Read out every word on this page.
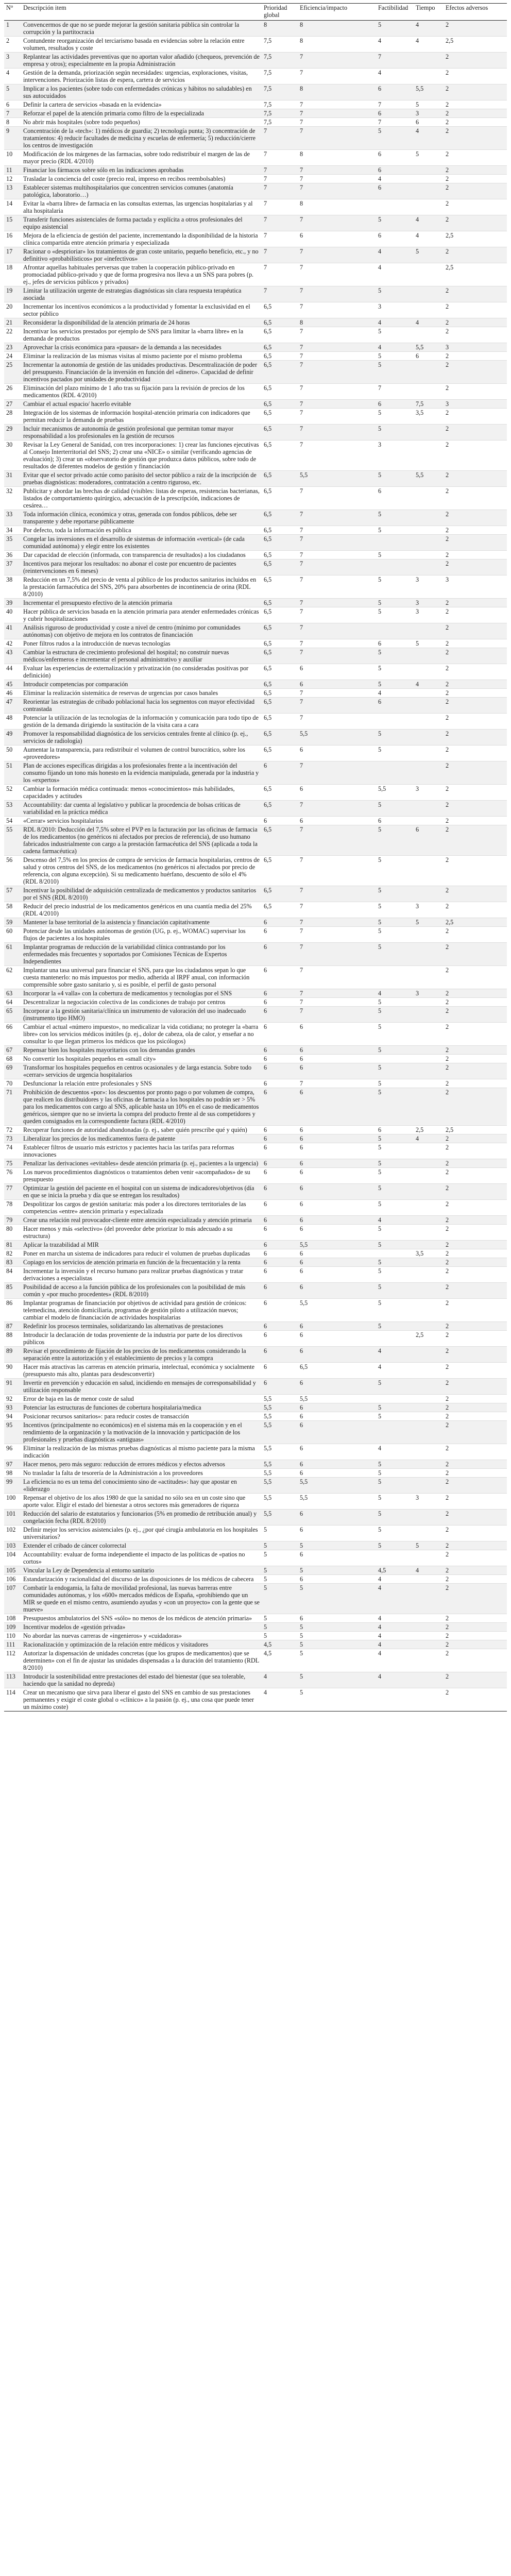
N°	Descripción item	Prioridad global	Eficiencia/impacto	Factibilidad	Tiempo	Efectos adversos
1	Convencermos de que no se puede mejorar la gestión sanitaria pública sin controlar la corrupción y la partitocracia	8	8	5	4	2
2	Contundente reorganización del terciarismo basada en evidencias sobre la relación entre volumen, resultados y coste	7,5	8	4	4	2,5
3	Replantear las actividades preventivas que no aportan valor añadido (chequeos, prevención de empresa y otros); especialmente en la propia Administración	7,5	7	7		2
4	Gestión de la demanda, priorización según necesidades: urgencias, exploraciones, visitas, intervenciones. Priorización listas de espera, cartera de servicios	7,5	7	4		2
5	Implicar a los pacientes (sobre todo con enfermedades crónicas y hábitos no saludables) en sus autocuidados	7,5	8	6	5,5	2
6	Definir la cartera de servicios «basada en la evidencia»	7,5	7	7	5	2
7	Reforzar el papel de la atención primaria como filtro de la especializada	7,5	7	6	3	2
8	No abrir más hospitales (sobre todo pequeños)	7,5	7	7	6	2
9	Concentración de la «tech»: 1) médicos de guardia; 2) tecnología punta; 3) concentración de tratamientos: 4) reducir facultades de medicina y escuelas de enfermería; 5) reducción/cierre los centros de investigación	7	7	5	4	2
10	Modificación de los márgenes de las farmacias, sobre todo redistribuir el margen de las de mayor precio (RDL 4/2010)	7	8	6	5	2
11	Financiar los fármacos sobre sólo en las indicaciones aprobadas	7	7	6		2
12	Trasladar la conciencia del coste (precio real, impreso en recibos reembolsables)	7	7	4		2
13	Establecer sistemas multihospitalarios que concentren servicios comunes (anatomía patológica, laboratorio…)	7	7	6		2
14	Evitar la «barra libre» de farmacia en las consultas externas, las urgencias hospitalarias y al alta hospitalaria	7	8			2
15	Transferir funciones asistenciales de forma pactada y explícita a otros profesionales del equipo asistencial	7	7	5	4	2
16	Mejora de la eficiencia de gestión del paciente, incrementando la disponibilidad de la historia clínica compartida entre atención primaria y especializada	7	6	6	4	2,5
17	Racionar o «desprioriar» los tratamientos de gran coste unitario, pequeño beneficio, etc., y no definitivo «probabilísticos» por «inefectivos»	7	7	4	5	2
18	Afrontar aquellas habituales perversas que traben la cooperación público-privado en promociadad público-privado y que de forma progresiva nos lleva a un SNS para pobres (p. ej., jefes de servicios públicos y privados)	7	7	4		2,5
19	Limitar la utilización urgente de estrategias diagnósticas sin clara respuesta terapéutica asociada	7	7	5		2
20	Incrementar los incentivos económicos a la productividad y fomentar la exclusividad en el sector público	6,5	7	3		2
21	Reconsiderar la disponibilidad de la atención primaria de 24 horas	6,5	8	4	4	2
22	Incentivar los servicios prestados por ejemplo de SNS para limitar la «barra libre» en la demanda de productos	6,5	7	5		2
23	Aprovechar la crisis económica para «pausar» de la demanda a las necesidades	6,5	7	4	5,5	3
24	Eliminar la realización de las mismas visitas al mismo paciente por el mismo problema	6,5	7	5	6	2
25	Incrementar la autonomía de gestión de las unidades productivas. Descentralización de poder del presupuesto. Financiación de la inversión en función del «dinero». Capacidad de definir incentivos pactados por unidades de productividad	6,5	7	5		2
26	Eliminación del plazo mínimo de 1 año tras su fijación para la revisión de precios de los medicamentos (RDL 4/2010)	6,5	7	7		2
27	Cambiar el actual espacio/ hacerlo evitable	6,5	7	6	7,5	3
28	Integración de los sistemas de información hospital-atención primaria con indicadores que permitan reducir la demanda de pruebas	6,5	7	5	3,5	2
29	Incluir mecanismos de autonomía de gestión profesional que permitan tomar mayor responsabilidad a los profesionales en la gestión de recursos	6,5	7	5		2
30	Revisar la Ley General de Sanidad, con tres incorporaciones: 1) crear las funciones ejecutivas al Consejo Interterritorial del SNS; 2) crear una «NICE» o similar (verificando agencias de evaluación); 3) crear un «observatorio de gestión que produzca datos públicos, sobre todo de resultados de diferentes modelos de gestión y financiación	6,5	7	3		2
31	Evitar que el sector privado actúe como parásito del sector público a raíz de la inscripción de pruebas diagnósticas: moderadores, contratación a centro riguroso, etc.	6,5	5,5	5	5,5	2
32	Publicitar y abordar las brechas de calidad (visibles: listas de esperas, resistencias bacterianas, listados de comportamiento quirúrgico, adecuación de la prescripción, indicaciones de cesárea…	6,5	7	6		2
33	Toda información clínica, económica y otras, generada con fondos públicos, debe ser transparente y debe reportarse públicamente	6,5	7	5		2
34	Por defecto, toda la información es pública	6,5	7	5		2
35	Congelar las inversiones en el desarrollo de sistemas de información «vertical» (de cada comunidad autónoma) y elegir entre los existentes	6,5	7			2
36	Dar capacidad de elección (informada, con transparencia de resultados) a los ciudadanos	6,5	7	5		2
37	Incentivos para mejorar los resultados: no abonar el coste por encuentro de pacientes (reintervenciones en 6 meses)	6,5	7			2
38	Reducción en un 7,5% del precio de venta al público de los productos sanitarios incluidos en la prestación farmacéutica del SNS, 20% para absorbentes de incontinencia de orina (RDL 8/2010)	6,5	7	5	3	3
39	Incrementar el presupuesto efectivo de la atención primaria	6,5	7	5	3	2
40	Hacer pública de servicios basada en la atención primaria para atender enfermedades crónicas y cubrir hospitalizaciones	6,5	7	5	3	2
41	Análisis riguroso de productividad y coste a nivel de centro (mínimo por comunidades autónomas) con objetivo de mejora en los contratos de financiación	6,5	7			2
42	Poner filtros rudos a la introducción de nuevas tecnologías	6,5	7	6	5	2
43	Cambiar la estructura de crecimiento profesional del hospital; no construir nuevas médicos/enfermeros e incrementar el personal administrativo y auxiliar	6,5	7	5		2
44	Evaluar las experiencias de externalización y privatización (no consideradas positivas por definición)	6,5	6	5		2
45	Introducir competencias por comparación	6,5	6	5	4	2
46	Eliminar la realización sistemática de reservas de urgencias por casos banales	6,5	7	4		2
47	Reorientar las estrategias de cribado poblacional hacia los segmentos con mayor efectividad contrastada	6,5	7	6		2
48	Potenciar la utilización de las tecnologías de la información y comunicación para todo tipo de gestión de la demanda dirigiendo la sustitución de la visita cara a cara	6,5	7			2
49	Promover la responsabilidad diagnóstica de los servicios centrales frente al clínico (p. ej., servicios de radiología)	6,5	5,5	5		2
50	Aumentar la transparencia, para redistribuir el volumen de control burocrático, sobre los «proveedores»	6,5	6	5		2
51	Plan de acciones específicas dirigidas a los profesionales frente a la incentivación del consumo fijando un tono más honesto en la evidencia manipulada, generada por la industria y los «expertos»	6	7			2
52	Cambiar la formación médica continuada: menos «conocimientos» más habilidades, capacidades y actitudes	6,5	6	5,5	3	2
53	Accountability: dar cuenta al legislativo y publicar la procedencia de bolsas críticas de variabilidad en la práctica médica	6,5	7	5		2
54	«Cerrar» servicios hospitalarios	6	6	6		2
55	RDL 8/2010: Deducción del 7,5% sobre el PVP en la facturación por las oficinas de farmacia de los medicamentos (no genéricos ni afectados por precios de referencia), de uso humano fabricados industrialmente con cargo a la prestación farmacéutica del SNS (aplicada a toda la cadena farmacéutica)	6,5	7	5	6	2
56	Descenso del 7,5% en los precios de compra de servicios de farmacia hospitalarias, centros de salud y otros centros del SNS, de los medicamentos (no genéricos ni afectados por precio de referencia, con alguna excepción). Si su medicamento huérfano, descuento de sólo el 4% (RDL 8/2010)	6,5	7	5		2
57	Incentivar la posibilidad de adquisición centralizada de medicamentos y productos sanitarios por el SNS (RDL 8/2010)	6,5	7	5		2
58	Reducir del precio industrial de los medicamentos genéricos en una cuantía media del 25% (RDL 4/2010)	6,5	7	5	3	2
59	Mantener la base territorial de la asistencia y financiación capitativamente	6	7	5	5	2,5
60	Potenciar desde las unidades autónomas de gestión (UG, p. ej., WOMAC) supervisar los flujos de pacientes a los hospitales	6	7	5		2
61	Implantar programas de reducción de la variabilidad clínica contrastando por los enfermedades más frecuentes y soportados por Comisiones Técnicas de Expertos Independientes	6	7	5		2
62	Implantar una tasa universal para financiar el SNS, para que los ciudadanos sepan lo que cuesta mantenerlo: no más impuestos por medio, adherida al IRPF anual, con información comprensible sobre gasto sanitario y, si es posible, el perfil de gasto personal	6	7			2
63	Incorporar la «4 valla» con la cobertura de medicamentos y tecnologías por el SNS	6	7	4	3	2
64	Descentralizar la negociación colectiva de las condiciones de trabajo por centros	6	7	5		2
65	Incorporar a la gestión sanitaria/clínica un instrumento de valoración del uso inadecuado (instrumento tipo HMO)	6	7	5		2
66	Cambiar el actual «número impuesto», no medicalizar la vida cotidiana; no proteger la «barra libre» con los servicios médicos inútiles (p. ej., dolor de cabeza, ola de calor, y enseñar a no consultar lo que llegan primeros los médicos que los psicólogos)	6	6	5		2
67	Repensar bien los hospitales mayoritarios con los demandas grandes	6	6	5		2
68	No convertir los hospitales pequeños en «small city»	6	6			2
69	Transformar los hospitales pequeños en centros ocasionales y de larga estancia. Sobre todo «cerrar» servicios de urgencia hospitalarios	6	6	5		2
70	Desfuncionar la relación entre profesionales y SNS	6	7	5		2
71	Prohibición de descuentos «por»: los descuentos por pronto pago o por volumen de compra, que realicen los distribuidores y las oficinas de farmacia a los hospitales no podrán ser > 5% para los medicamentos con cargo al SNS, aplicable hasta un 10% en el caso de medicamentos genéricos, siempre que no se invierta la compra del producto frente al de sus competidores y queden consignados en la correspondiente factura (RDL 4/2010)	6	6	5		2
72	Recuperar funciones de autoridad abandonadas (p. ej., saber quién prescribe qué y quién)	6	6	6	2,5	2,5
73	Liberalizar los precios de los medicamentos fuera de patente	6	6	5	4	2
74	Establecer filtros de usuario más estrictos y pacientes hacia las tarifas para reformas innovaciones	6	6	5		2
75	Penalizar las derivaciones «evitables» desde atención primaria (p. ej., pacientes a la urgencia)	6	6	5		2
76	Los nuevos procedimientos diagnósticos o tratamientos deben venir «acompañados» de su presupuesto	6	6	5		2
77	Optimizar la gestión del paciente en el hospital con un sistema de indicadores/objetivos (día en que se inicia la prueba y día que se entregan los resultados)	6	6	5		2
78	Despolitizar los cargos de gestión sanitaria: más poder a los directores territoriales de las competencias «entre» atención primaria y especializada	6	6	5		2
79	Crear una relación real provocador-cliente entre atención especializada y atención primaria	6	6	4		2
80	Hacer menos y más «selectivo» (del proveedor debe priorizar lo más adecuado a su estructura)	6	6	5		2
81	Aplicar la trazabilidad al MIR	6	5,5	5		2
82	Poner en marcha un sistema de indicadores para reducir el volumen de pruebas duplicadas	6	6		3,5	2
83	Copiago en los servicios de atención primaria en función de la frecuentación y la renta	6	6	5		2
84	Incrementar la inversión y el recurso humano para realizar pruebas diagnósticas y tratar derivaciones a especialistas	6	6	5		2
85	Posibilidad de acceso a la función pública de los profesionales con la posibilidad de más común y «por mucho procedentes» (RDL 8/2010)	6	6	5		2
86	Implantar programas de financiación por objetivos de actividad para gestión de crónicos: telemedicina, atención domiciliaria, programas de gestión piloto a utilización nuevos; cambiar el modelo de financiación de actividades hospitalarias	6	5,5	5		2
87	Redefinir los procesos terminales, solidarizando las alternativas de prestaciones	6	6	5		2
88	Introducir la declaración de todas proveniente de la industria por parte de los directivos públicos	6	6		2,5	2
89	Revisar el procedimiento de fijación de los precios de los medicamentos considerando la separación entre la autorización y el establecimiento de precios y la compra	6	6	4		2
90	Hacer más atractivas las carreras en atención primaria, intelectual, económica y socialmente (presupuesto más alto, plantas para desdesconvertir)	6	6,5	4		2
91	Invertir en prevención y educación en salud, incidiendo en mensajes de corresponsabilidad y utilización responsable	6	6	5		2
92	Error de baja en las de menor coste de salud	5,5	5,5			2
93	Potenciar las estructuras de funciones de cobertura hospitalaria/medica	5,5	6	5		2
94	Posicionar recursos sanitarios»: para reducir costes de transacción	5,5	6	5		2
95	Incentivos (principalmente no económicos) en el sistema más en la cooperación y en el rendimiento de la organización y la motivación de la innovación y participación de los profesionales y pruebas diagnósticas «antiguas»	5,5	6			2
96	Eliminar la realización de las mismas pruebas diagnósticas al mismo paciente para la misma indicación	5,5	6	4		2
97	Hacer menos, pero más seguro: reducción de errores médicos y efectos adversos	5,5	6	5		2
98	No trasladar la falta de tesorería de la Administración a los proveedores	5,5	6	5		2
99	La eficiencia no es un tema del conocimiento sino de «actitudes»: hay que apostar en «liderazgo	5,5	5,5	5		2
100	Repensar el objetivo de los años 1980 de que la sanidad no sólo sea en un coste sino que aporte valor. Eligir el estado del bienestar a otros sectores más generadores de riqueza	5,5	5,5	5	3	2
101	Reducción del salario de estatutarios y funcionarios (5% en promedio de retribución anual) y congelación fecha (RDL 8/2010)	5,5	6	5		2
102	Definir mejor los servicios asistenciales (p. ej., ¿por qué cirugía ambulatoria en los hospitales universitarios?	5	6	5		2
103	Extender el cribado de cáncer colorrectal	5	5	5	5	2
104	Accountability: evaluar de forma independiente el impacto de las políticas de «patios no cortos»	5	6			2
105	Vincular la Ley de Dependencia al entorno sanitario	5	5	4,5	4	2
106	Estandarización y racionalidad del discurso de las disposiciones de los médicos de cabecera	5	6	4		2
107	Combatir la endogamia, la falta de movilidad profesional, las nuevas barreras entre comunidades autónomas, y los «600» mercados médicos de España, «prohibiendo que un MIR se quede en el mismo centro, asumiendo ayudas y «con un proyecto» con la gente que se mueve»	5	5	4		2
108	Presupuestos ambulatorios del SNS «sólo» no menos de los médicos de atención primaria»	5	6	4		2
109	Incentivar modelos de «gestión privada»	5	5	4		2
110	No abordar las nuevas carreras de «ingenieros» y «cuidadoras»	5	5	4		2
111	Racionalización y optimización de la relación entre médicos y visitadores	4,5	5	4		2
112	Autorizar la dispensación de unidades concretas (que los grupos de medicamentos) que se determinen» con el fin de ajustar las unidades dispensadas a la duración del tratamiento (RDL 8/2010)	4,5	5	4		2
113	Introducir la sostenibilidad entre prestaciones del estado del bienestar (que sea tolerable, haciendo que la sanidad no depreda)	4	5	4		2
114	Crear un mecanismo que sirva para liberar el gasto del SNS en cambio de sus prestaciones permanentes y exigir el coste global o «clínico» a la pasión (p. ej., una cosa que puede tener un máximo coste)	4	5			2
